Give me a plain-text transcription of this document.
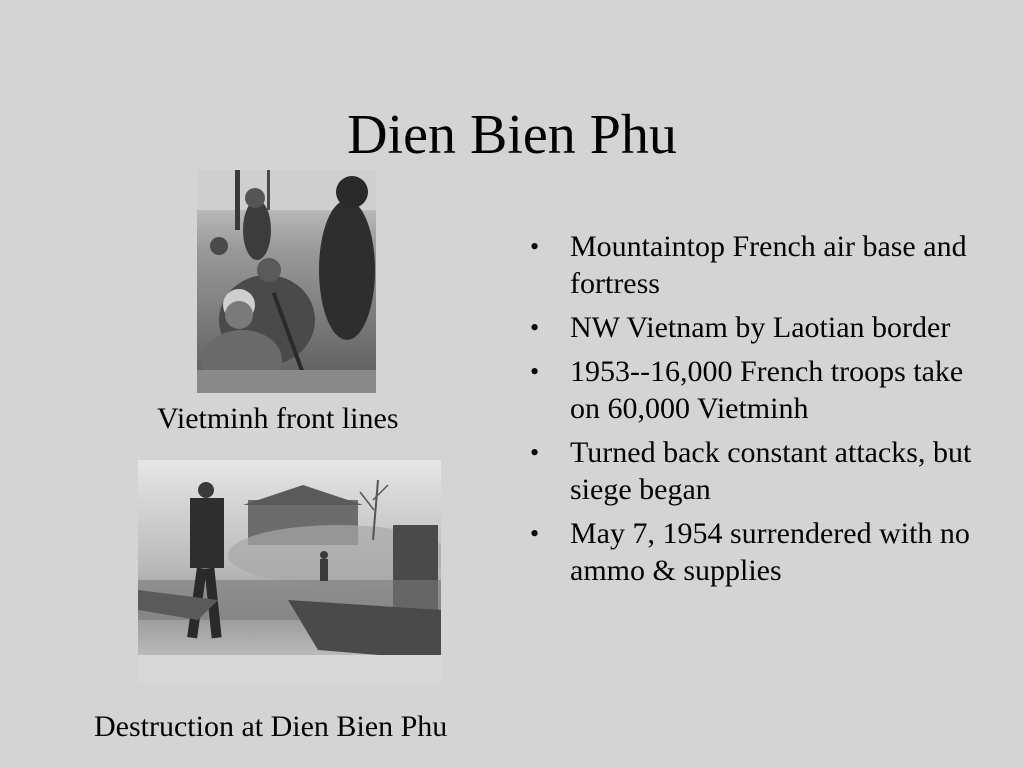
Dien Bien Phu
Vietminh front lines
Destruction at Dien Bien Phu
• Mountaintop French air base and fortress
• NW Vietnam by Laotian border
• 1953--16,000 French troops take on 60,000 Vietminh
• Turned back constant attacks, but siege began
• May 7, 1954 surrendered with no ammo & supplies
